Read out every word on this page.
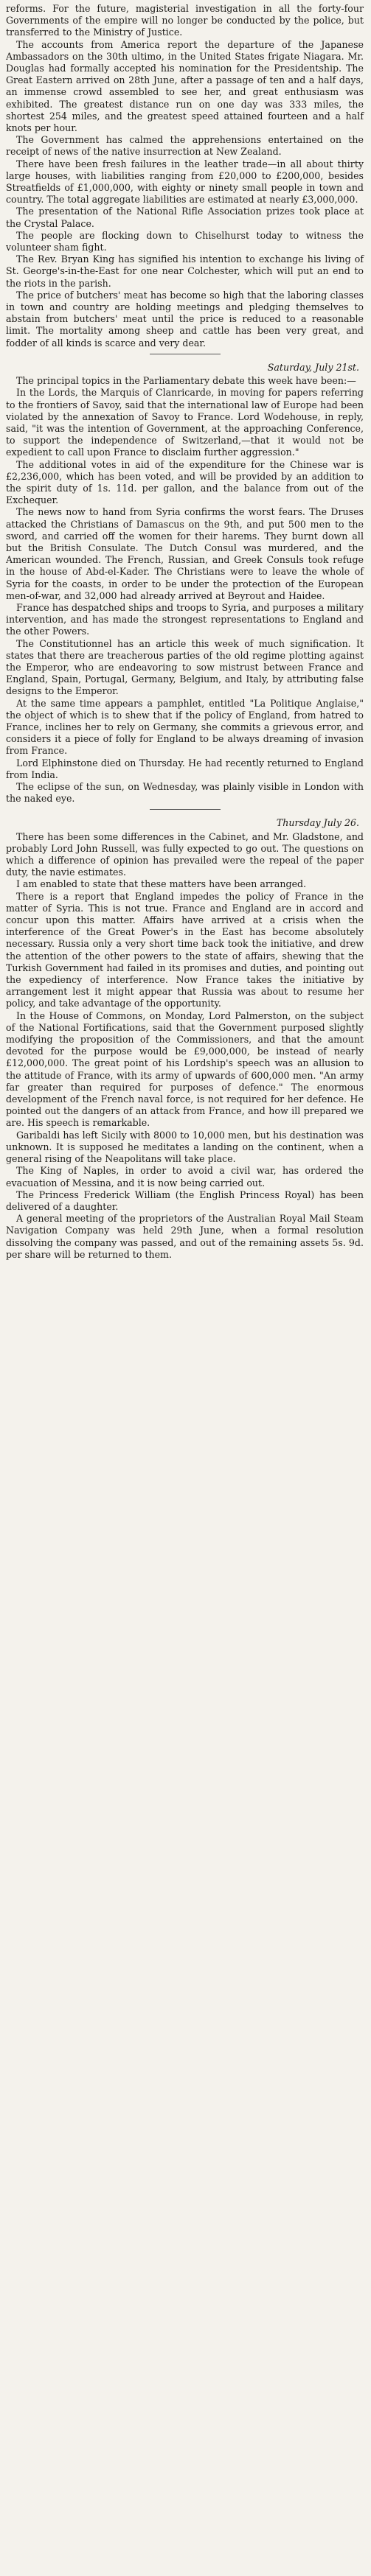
reforms. For the future, magisterial investigation in all the forty-four Governments of the empire will no longer be conducted by the police, but transferred to the Ministry of Justice.

The accounts from America report the departure of the Japanese Ambassadors on the 30th ultimo, in the United States frigate Niagara. Mr. Douglas had formally accepted his nomination for the Presidentship. The Great Eastern arrived on 28th June, after a passage of ten and a half days, an immense crowd assembled to see her, and great enthusiasm was exhibited. The greatest distance run on one day was 333 miles, the shortest 254 miles, and the greatest speed attained fourteen and a half knots per hour.

The Government has calmed the apprehensions entertained on the receipt of news of the native insurrection at New Zealand.

There have been fresh failures in the leather trade—in all about thirty large houses, with liabilities ranging from £20,000 to £200,000, besides Streatfields of £1,000,000, with eighty or ninety small people in town and country. The total aggregate liabilities are estimated at nearly £3,000,000.

The presentation of the National Rifle Association prizes took place at the Crystal Palace.

The people are flocking down to Chiselhurst today to witness the volunteer sham fight.

The Rev. Bryan King has signified his intention to exchange his living of St. George's-in-the-East for one near Colchester, which will put an end to the riots in the parish.

The price of butchers' meat has become so high that the laboring classes in town and country are holding meetings and pledging themselves to abstain from butchers' meat until the price is reduced to a reasonable limit. The mortality among sheep and cattle has been very great, and fodder of all kinds is scarce and very dear.

Saturday, July 21st.

The principal topics in the Parliamentary debate this week have been:—

In the Lords, the Marquis of Clanricarde, in moving for papers referring to the frontiers of Savoy, said that the international law of Europe had been violated by the annexation of Savoy to France. Lord Wodehouse, in reply, said, "it was the intention of Government, at the approaching Conference, to support the independence of Switzerland,—that it would not be expedient to call upon France to disclaim further aggression."

The additional votes in aid of the expenditure for the Chinese war is £2,236,000, which has been voted, and will be provided by an addition to the spirit duty of 1s. 11d. per gallon, and the balance from out of the Exchequer.

The news now to hand from Syria confirms the worst fears. The Druses attacked the Christians of Damascus on the 9th, and put 500 men to the sword, and carried off the women for their harems. They burnt down all but the British Consulate. The Dutch Consul was murdered, and the American wounded. The French, Russian, and Greek Consuls took refuge in the house of Abd-el-Kader. The Christians were to leave the whole of Syria for the coasts, in order to be under the protection of the European men-of-war, and 32,000 had already arrived at Beyrout and Haidee.

France has despatched ships and troops to Syria, and purposes a military intervention, and has made the strongest representations to England and the other Powers.

The Constitutionnel has an article this week of much signification. It states that there are treacherous parties of the old regime plotting against the Emperor, who are endeavoring to sow mistrust between France and England, Spain, Portugal, Germany, Belgium, and Italy, by attributing false designs to the Emperor.

At the same time appears a pamphlet, entitled "La Politique Anglaise," the object of which is to shew that if the policy of England, from hatred to France, inclines her to rely on Germany, she commits a grievous error, and considers it a piece of folly for England to be always dreaming of invasion from France.

Lord Elphinstone died on Thursday. He had recently returned to England from India.

The eclipse of the sun, on Wednesday, was plainly visible in London with the naked eye.

Thursday July 26.

There has been some differences in the Cabinet, and Mr. Gladstone, and probably Lord John Russell, was fully expected to go out. The questions on which a difference of opinion has prevailed were the repeal of the paper duty, the navie estimates.

I am enabled to state that these matters have been arranged.

There is a report that England impedes the policy of France in the matter of Syria. This is not true. France and England are in accord and concur upon this matter. Affairs have arrived at a crisis when the interference of the Great Power's in the East has become absolutely necessary. Russia only a very short time back took the initiative, and drew the attention of the other powers to the state of affairs, shewing that the Turkish Government had failed in its promises and duties, and pointing out the expediency of interference. Now France takes the initiative by arrangement lest it might appear that Russia was about to resume her policy, and take advantage of the opportunity.

In the House of Commons, on Monday, Lord Palmerston, on the subject of the National Fortifications, said that the Government purposed slightly modifying the proposition of the Commissioners, and that the amount devoted for the purpose would be £9,000,000, be instead of nearly £12,000,000. The great point of his Lordship's speech was an allusion to the attitude of France, with its army of upwards of 600,000 men. "An army far greater than required for purposes of defence." The enormous development of the French naval force, is not required for her defence. He pointed out the dangers of an attack from France, and how ill prepared we are. His speech is remarkable.

Garibaldi has left Sicily with 8000 to 10,000 men, but his destination was unknown. It is supposed he meditates a landing on the continent, when a general rising of the Neapolitans will take place.

The King of Naples, in order to avoid a civil war, has ordered the evacuation of Messina, and it is now being carried out.

The Princess Frederick William (the English Princess Royal) has been delivered of a daughter.

A general meeting of the proprietors of the Australian Royal Mail Steam Navigation Company was held 29th June, when a formal resolution dissolving the company was passed, and out of the remaining assets 5s. 9d. per share will be returned to them.
